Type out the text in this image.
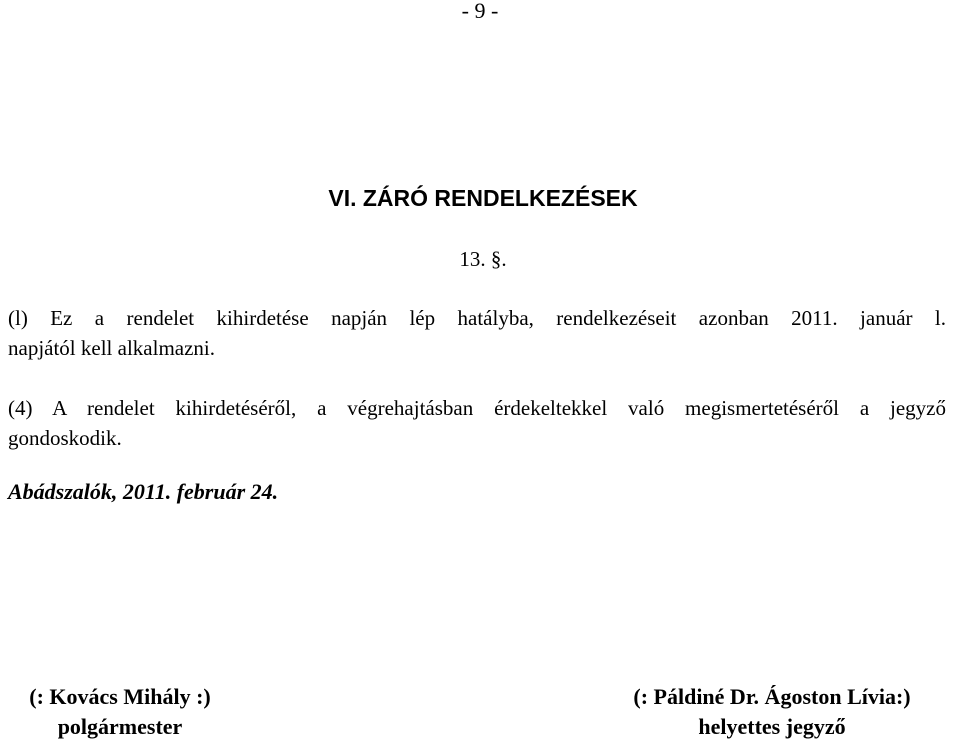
- 9 -
VI. ZÁRÓ RENDELKEZÉSEK
13. §.
(l) Ez a rendelet kihirdetése napján lép hatályba, rendelkezéseit azonban 2011. január l.
napjától kell alkalmazni.
(4) A rendelet kihirdetéséről, a végrehajtásban érdekeltekkel való megismertetéséről a jegyző
gondoskodik.
Abádszalók, 2011. február 24.
(: Kovács Mihály :)
polgármester
(: Páldiné Dr. Ágoston Lívia:)
helyettes jegyző
